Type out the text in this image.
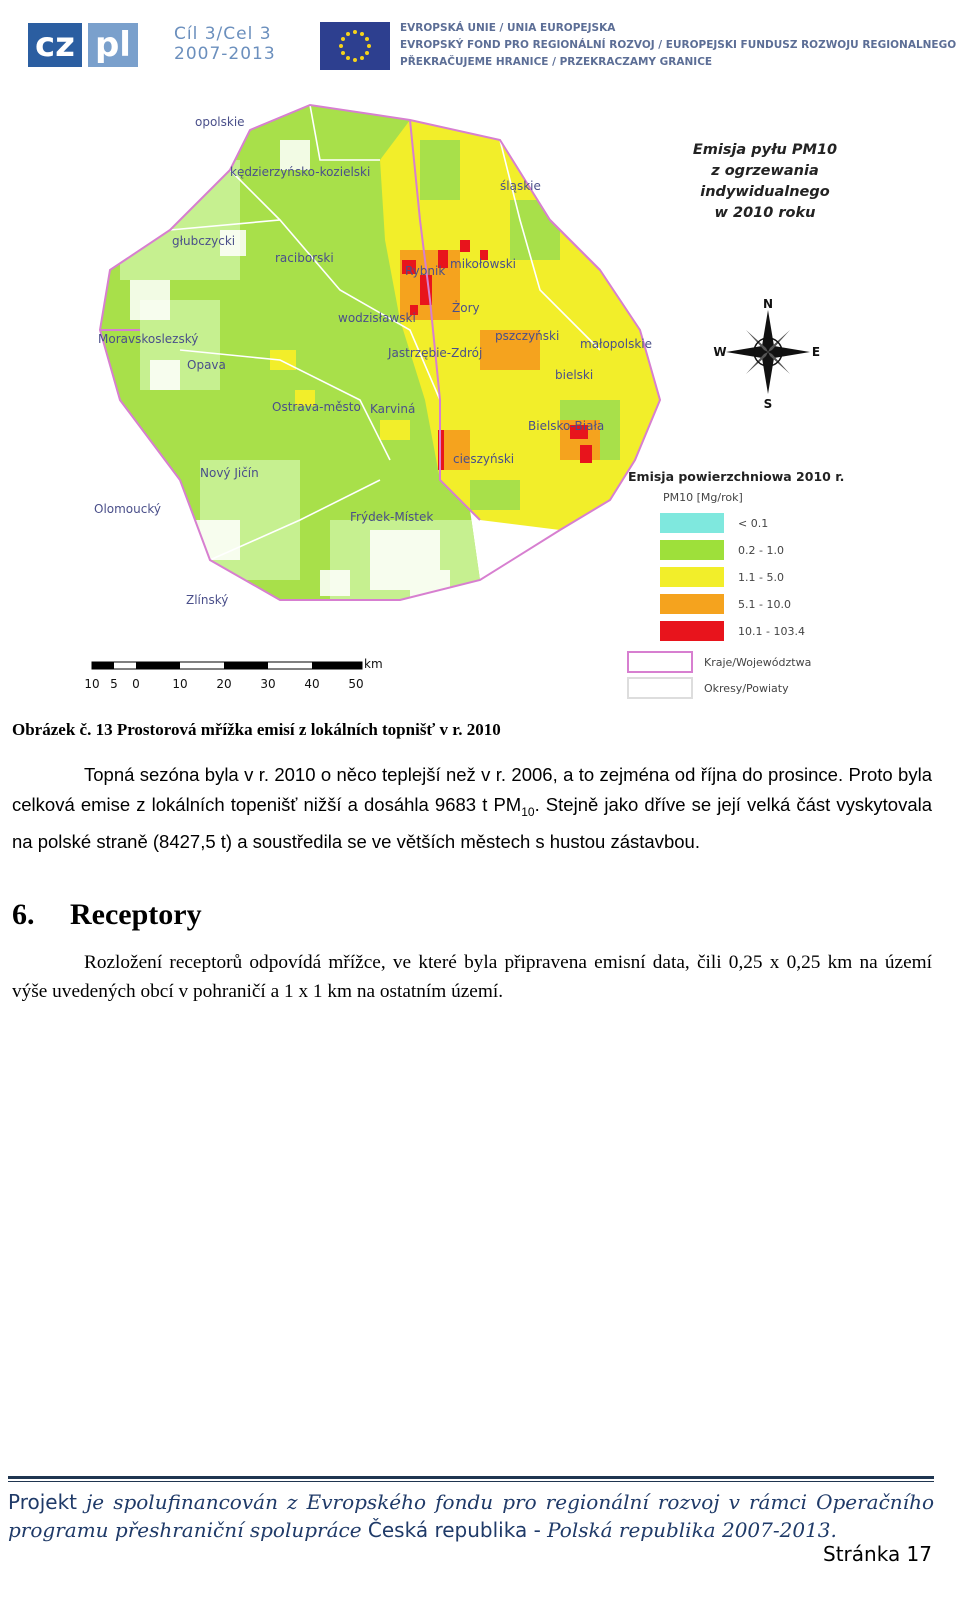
cz pl	Cíl 3/Cel 3
2007-2013
EVROPSKÁ UNIE / UNIA EUROPEJSKA
EVROPSKÝ FOND PRO REGIONÁLNÍ ROZVOJ / EUROPEJSKI FUNDUSZ ROZWOJU REGIONALNEGO
PŘEKRAČUJEME HRANICE / PRZEKRACZAMY GRANICE
opolskie
kędzierzyńsko-kozielski
śląskie
głubczycki
raciborski
Rybnik mikołowski
Żory
wodzisławski
pszczyński
Moravskoslezský	małopolskie
Opava
Jastrzębie-Zdrój
bielski
Ostrava-město Karviná
Bielsko-Biała
cieszyński
Nový Jičín
Olomoucký
Frýdek-Místek
Zlínský
Emisja pyłu PM10
z ogrzewania
indywidualnego
w 2010 roku
N
S
E
W
Emisja powierzchniowa 2010 r.
PM10 [Mg/rok]
< 0.1
0.2 - 1.0
1.1 - 5.0
5.1 - 10.0
10.1 - 103.4
Kraje/Województwa
Okresy/Powiaty
km
10 5 0	10 20 30 40 50
Obrázek č. 13 Prostorová mřížka emisí z lokálních topnišť v r. 2010
Topná sezóna byla v r. 2010 o něco teplejší než v r. 2006, a to zejména od října do prosince. Proto byla celková emise z lokálních topenišť nižší a dosáhla 9683 t $PM_{10}$. Stejně jako dříve se její velká část vyskytovala na polské straně (8427,5 t) a soustředila se ve větších městech s hustou zástavbou.
6. Receptory
Rozložení receptorů odpovídá mřížce, ve které byla připravena emisní data, čili 0,25 x 0,25 km na území výše uvedených obcí v pohraničí a 1 x 1 km na ostatním území.
Projekt je spolufinancován z Evropského fondu pro regionální rozvoj v rámci Operačního programu přeshraniční spolupráce Česká republika - Polská republika 2007-2013.
Stránka 17
